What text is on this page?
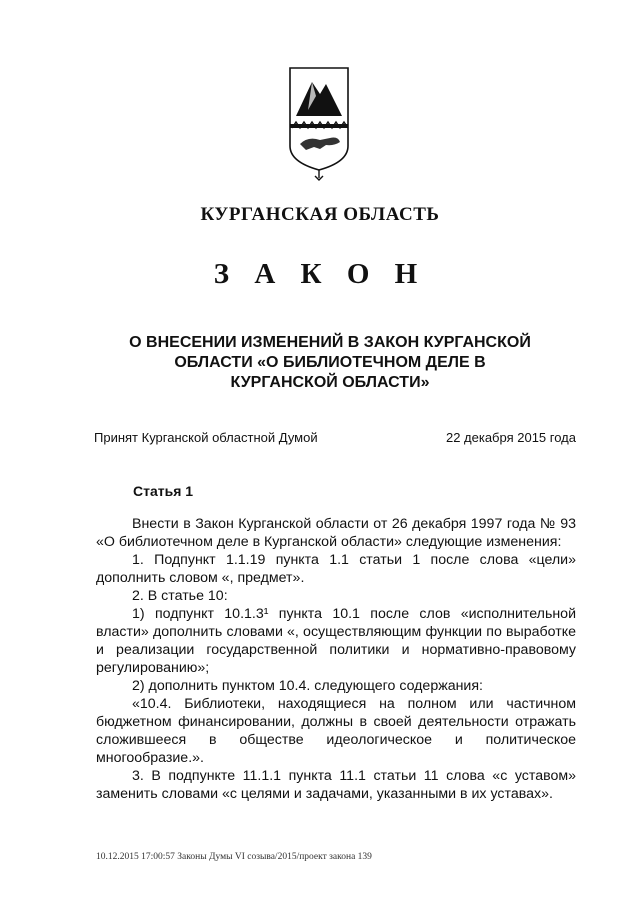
КУРГАНСКАЯ ОБЛАСТЬ
З А К О Н
О ВНЕСЕНИИ ИЗМЕНЕНИЙ В ЗАКОН КУРГАНСКОЙ
ОБЛАСТИ «О БИБЛИОТЕЧНОМ ДЕЛЕ В
КУРГАНСКОЙ ОБЛАСТИ»
Принят Курганской областной Думой	22 декабря 2015 года
Статья 1

Внести в Закон Курганской области от 26 декабря 1997 года № 93 «О библиотечном деле в Курганской области» следующие изменения:

1. Подпункт 1.1.19 пункта 1.1 статьи 1 после слова «цели» дополнить словом «, предмет».

2. В статье 10:

1) подпункт 10.1.3¹ пункта 10.1 после слов «исполнительной власти» дополнить словами «, осуществляющим функции по выработке и реализации государственной политики и нормативно-правовому регулированию»;

2) дополнить пунктом 10.4. следующего содержания:

«10.4. Библиотеки, находящиеся на полном или частичном бюджетном финансировании, должны в своей деятельности отражать сложившееся в обществе идеологическое и политическое многообразие.».

3. В подпункте 11.1.1 пункта 11.1 статьи 11 слова «с уставом» заменить словами «с целями и задачами, указанными в их уставах».

10.12.2015 17:00:57 Законы Думы VI созыва/2015/проект закона 139
